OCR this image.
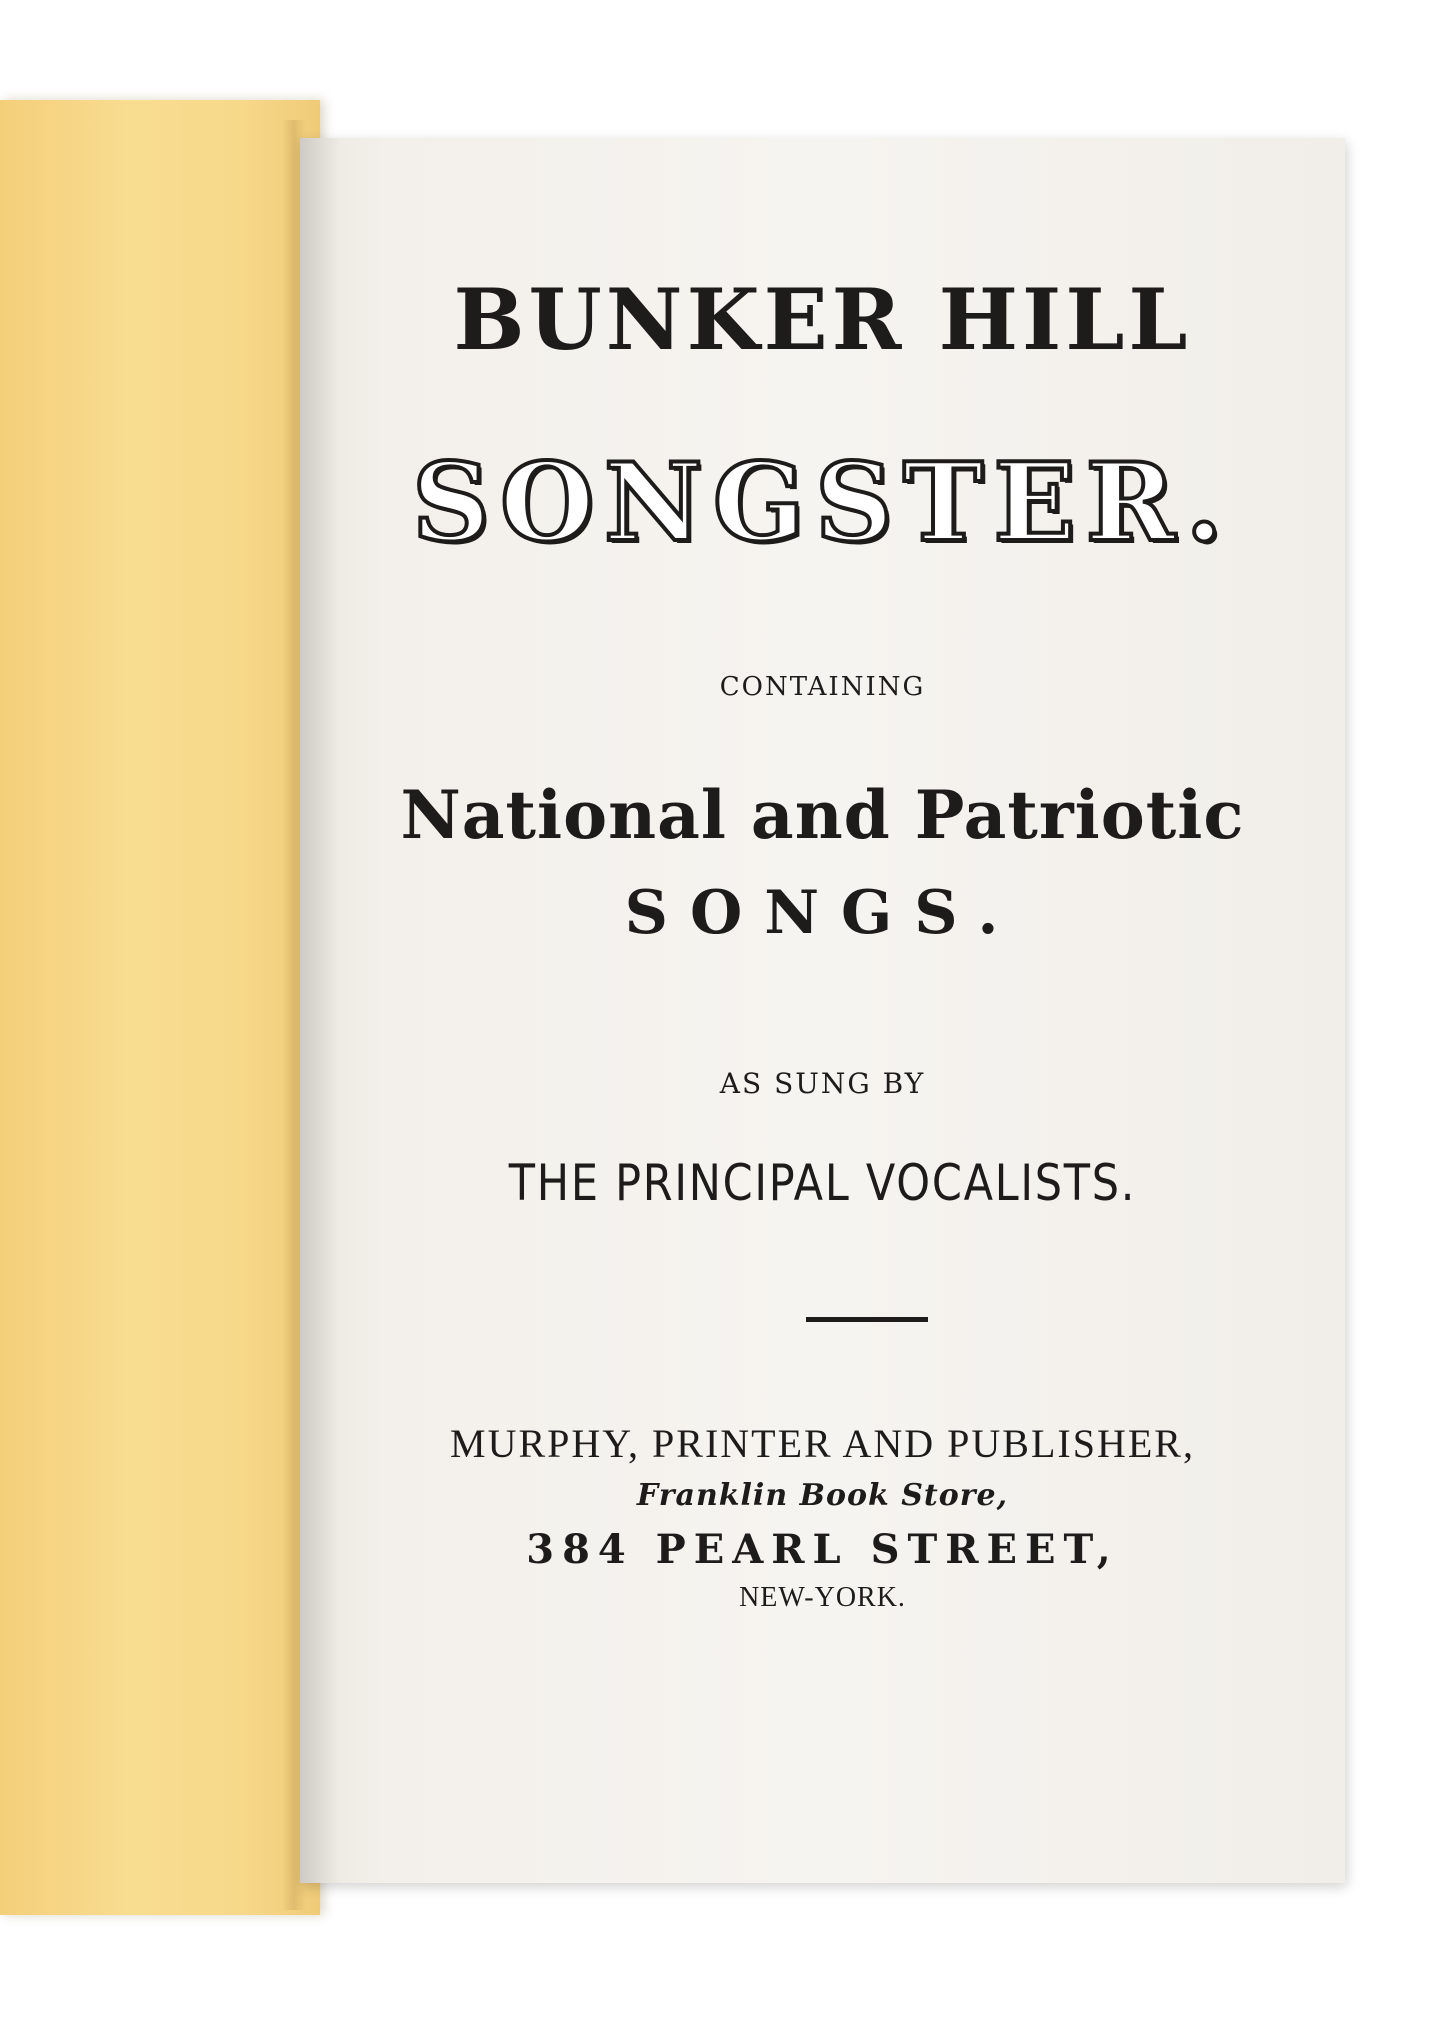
BUNKER HILL
SONGSTER.
CONTAINING
National and Patriotic
SONGS.
AS SUNG BY
THE PRINCIPAL VOCALISTS.
MURPHY, PRINTER AND PUBLISHER,
Franklin Book Store,
384 PEARL STREET,
NEW-YORK.
